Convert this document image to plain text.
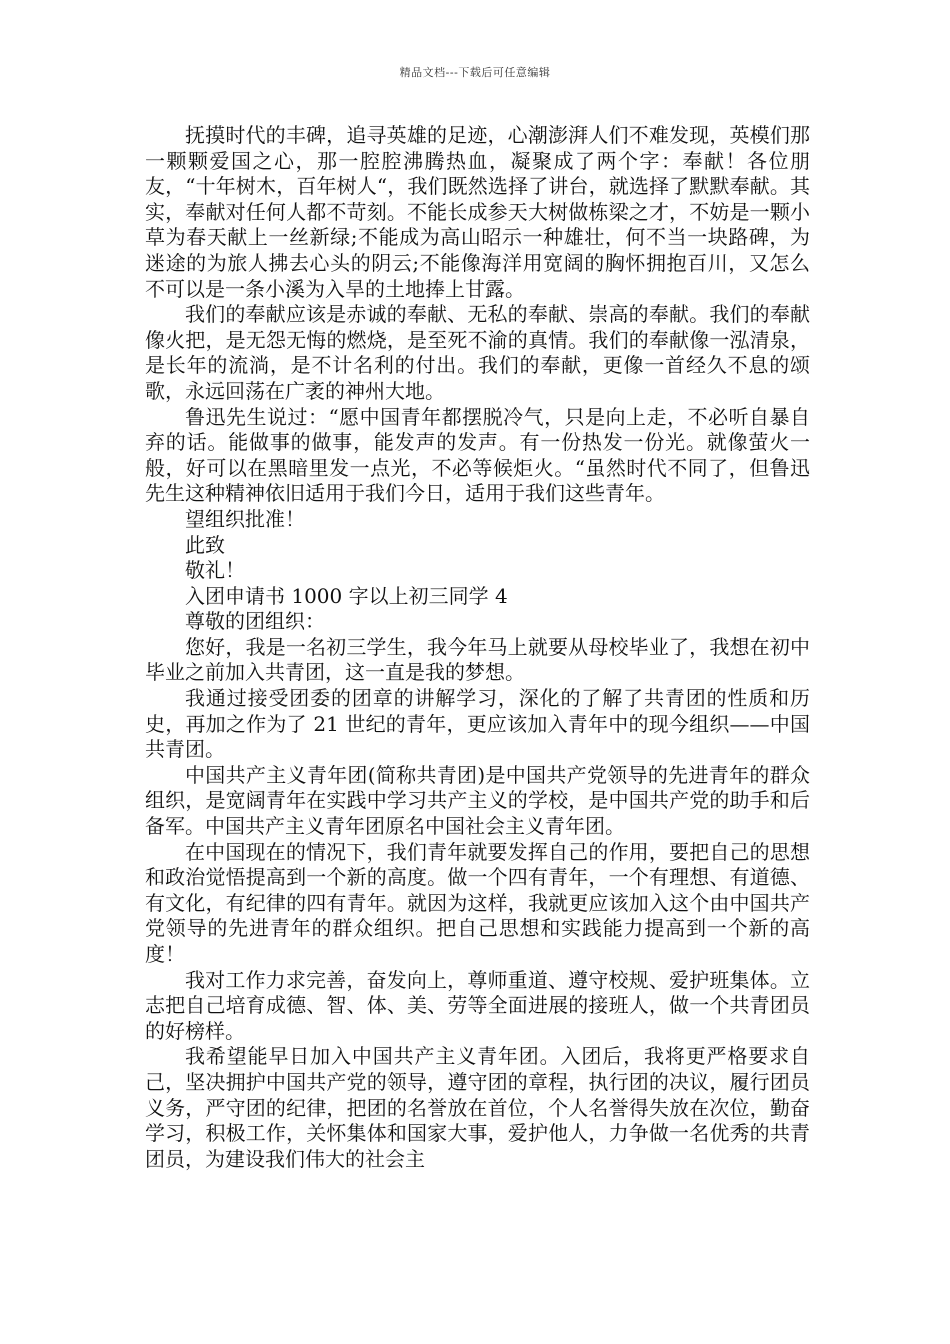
精品文档---下载后可任意编辑

抚摸时代的丰碑，追寻英雄的足迹，心潮澎湃人们不难发现，英模们那一颗颗爱国之心，那一腔腔沸腾热血，凝聚成了两个字：奉献！各位朋友，“十年树木，百年树人“，我们既然选择了讲台，就选择了默默奉献。其实，奉献对任何人都不苛刻。不能长成参天大树做栋梁之才，不妨是一颗小草为春天献上一丝新绿;不能成为高山昭示一种雄壮，何不当一块路碑，为迷途的为旅人拂去心头的阴云;不能像海洋用宽阔的胸怀拥抱百川，又怎么不可以是一条小溪为入旱的土地捧上甘露。

我们的奉献应该是赤诚的奉献、无私的奉献、崇高的奉献。我们的奉献像火把，是无怨无悔的燃烧，是至死不渝的真情。我们的奉献像一泓清泉，是长年的流淌，是不计名利的付出。我们的奉献，更像一首经久不息的颂歌，永远回荡在广袤的神州大地。

鲁迅先生说过：“愿中国青年都摆脱冷气，只是向上走，不必听自暴自弃的话。能做事的做事，能发声的发声。有一份热发一份光。就像萤火一般，好可以在黑暗里发一点光，不必等候炬火。“虽然时代不同了，但鲁迅先生这种精神依旧适用于我们今日，适用于我们这些青年。

望组织批准！

此致

敬礼！

入团申请书 1000 字以上初三同学 4

尊敬的团组织：

您好，我是一名初三学生，我今年马上就要从母校毕业了，我想在初中毕业之前加入共青团，这一直是我的梦想。

我通过接受团委的团章的讲解学习，深化的了解了共青团的性质和历史，再加之作为了 21 世纪的青年，更应该加入青年中的现今组织——中国共青团。

中国共产主义青年团(简称共青团)是中国共产党领导的先进青年的群众组织，是宽阔青年在实践中学习共产主义的学校，是中国共产党的助手和后备军。中国共产主义青年团原名中国社会主义青年团。

在中国现在的情况下，我们青年就要发挥自己的作用，要把自己的思想和政治觉悟提高到一个新的高度。做一个四有青年，一个有理想、有道德、有文化，有纪律的四有青年。就因为这样，我就更应该加入这个由中国共产党领导的先进青年的群众组织。把自己思想和实践能力提高到一个新的高度！

我对工作力求完善，奋发向上，尊师重道、遵守校规、爱护班集体。立志把自己培育成德、智、体、美、劳等全面进展的接班人，做一个共青团员的好榜样。

我希望能早日加入中国共产主义青年团。入团后，我将更严格要求自己，坚决拥护中国共产党的领导，遵守团的章程，执行团的决议，履行团员义务，严守团的纪律，把团的名誉放在首位，个人名誉得失放在次位，勤奋学习，积极工作，关怀集体和国家大事，爱护他人，力争做一名优秀的共青团员，为建设我们伟大的社会主
